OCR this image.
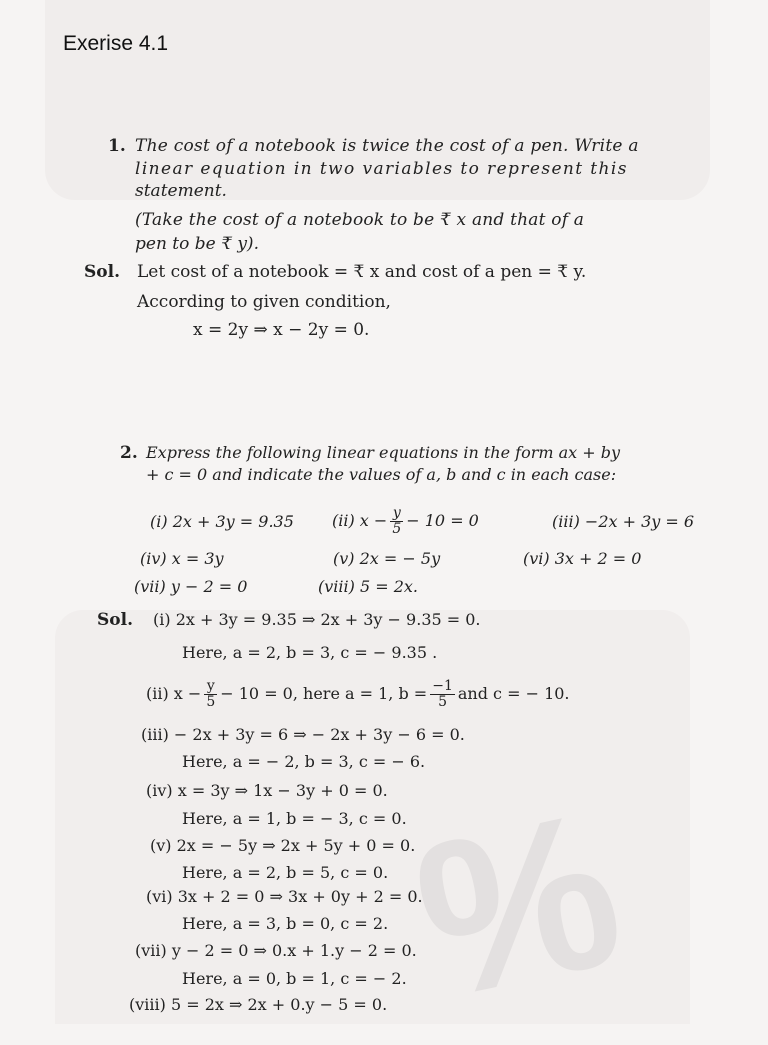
%
Exerise 4.1
1. The cost of a notebook is twice the cost of a pen. Write a
linear equation in two variables to represent this
statement.
(Take the cost of a notebook to be ₹ x and that of a
pen to be ₹ y).
Sol. Let cost of a notebook = ₹ x and cost of a pen = ₹ y.
According to given condition,
x = 2y ⇒ x − 2y = 0.
2. Express the following linear equations in the form ax + by
+ c = 0 and indicate the values of a, b and c in each case:
(i) 2x + 3y = 9.35̄ (ii) $x - \frac{y}{5} - 10 = 0$	(iii) −2x + 3y = 6
(iv) x = 3y	(v) 2x = − 5y	(vi) 3x + 2 = 0
(vii) y − 2 = 0	(viii) 5 = 2x.
Sol. (i) 2x + 3y = 9.35̄ ⇒ 2x + 3y − 9.35̄ = 0.
Here, a = 2, b = 3, c = − 9.35̄ .
(ii) $x - \frac{y}{5} - 10 = 0$, here a = 1, $b = \frac{-1}{5}$ and c = − 10.
(iii) − 2x + 3y = 6 ⇒ − 2x + 3y − 6 = 0.
Here, a = − 2, b = 3, c = − 6.
(iv) x = 3y ⇒ 1x − 3y + 0 = 0.
Here, a = 1, b = − 3, c = 0.
(v) 2x = − 5y ⇒ 2x + 5y + 0 = 0.
Here, a = 2, b = 5, c = 0.
(vi) 3x + 2 = 0 ⇒ 3x + 0y + 2 = 0.
Here, a = 3, b = 0, c = 2.
(vii) y − 2 = 0 ⇒ 0.x + 1.y − 2 = 0.
Here, a = 0, b = 1, c = − 2.
(viii) 5 = 2x ⇒ 2x + 0.y − 5 = 0.
